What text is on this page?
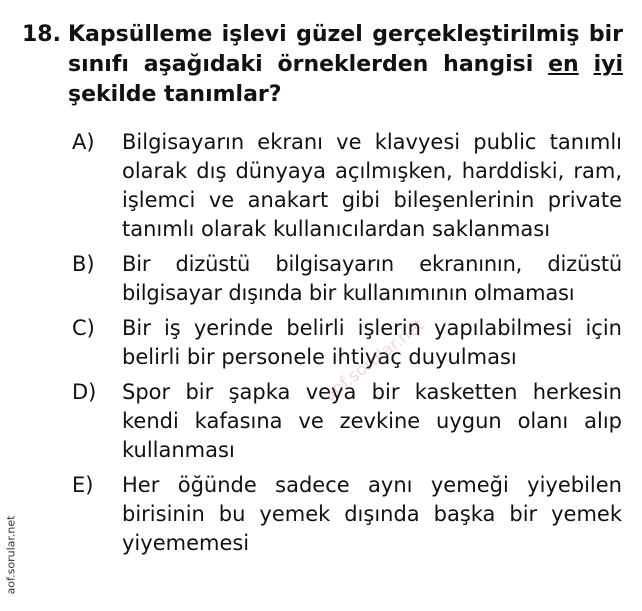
18. Kapsülleme işlevi güzel gerçekleştirilmiş bir sınıfı aşağıdaki örneklerden hangisi en iyi şekilde tanımlar?
A) Bilgisayarın ekranı ve klavyesi public tanımlı olarak dış dünyaya açılmışken, harddiski, ram, işlemci ve anakart gibi bileşenlerinin private tanımlı olarak kullanıcılardan saklanması
B) Bir dizüstü bilgisayarın ekranının, dizüstü bilgisayar dışında bir kullanımının olmaması
C) Bir iş yerinde belirli işlerin yapılabilmesi için belirli bir personele ihtiyaç duyulması
D) Spor bir şapka veya bir kasketten herkesin kendi kafasına ve zevkine uygun olanı alıp kullanması
E) Her öğünde sadece aynı yemeği yiyebilen birisinin bu yemek dışında başka bir yemek yiyememesi
aof.sorular.net
aof.sorular.net
